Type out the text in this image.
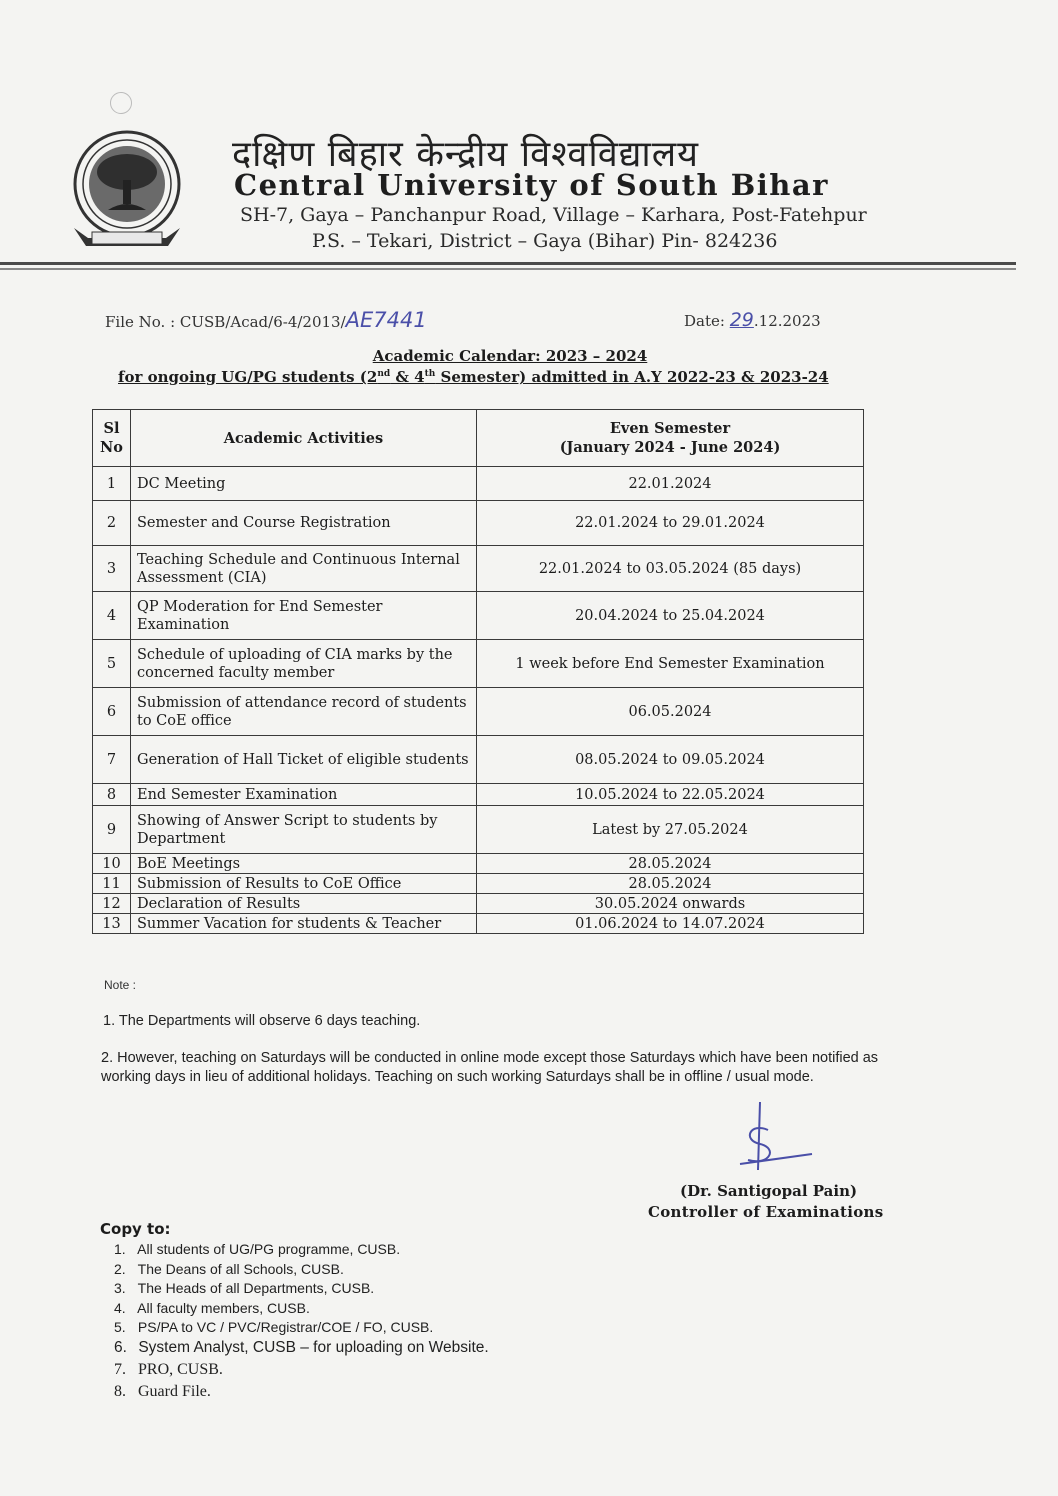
दक्षिण बिहार केन्द्रीय विश्वविद्यालय
Central University of South Bihar
SH-7, Gaya – Panchanpur Road, Village – Karhara, Post-Fatehpur
P.S. – Tekari, District – Gaya (Bihar) Pin- 824236
File No. : CUSB/Acad/6-4/2013/AE7441	Date: 29.12.2023
Academic Calendar: 2023 – 2024
for ongoing UG/PG students (2nd & 4th Semester) admitted in A.Y 2022-23 & 2023-24
Sl
No	Academic Activities	Even Semester
(January 2024 - June 2024)
1	DC Meeting	22.01.2024
2	Semester and Course Registration	22.01.2024 to 29.01.2024
3	Teaching Schedule and Continuous Internal Assessment (CIA)	22.01.2024 to 03.05.2024 (85 days)
4	QP Moderation for End Semester Examination	20.04.2024 to 25.04.2024
5	Schedule of uploading of CIA marks by the concerned faculty member	1 week before End Semester Examination
6	Submission of attendance record of students to CoE office	06.05.2024
7	Generation of Hall Ticket of eligible students	08.05.2024 to 09.05.2024
8	End Semester Examination	10.05.2024 to 22.05.2024
9	Showing of Answer Script to students by Department	Latest by 27.05.2024
10	BoE Meetings	28.05.2024
11	Submission of Results to CoE Office	28.05.2024
12	Declaration of Results	30.05.2024 onwards
13	Summer Vacation for students & Teacher	01.06.2024 to 14.07.2024
Note :
1. The Departments will observe 6 days teaching.
2. However, teaching on Saturdays will be conducted in online mode except those Saturdays which have been notified as working days in lieu of additional holidays. Teaching on such working Saturdays shall be in offline / usual mode.
(Dr. Santigopal Pain)
Controller of Examinations
Copy to:
1. All students of UG/PG programme, CUSB.
2. The Deans of all Schools, CUSB.
3. The Heads of all Departments, CUSB.
4. All faculty members, CUSB.
5. PS/PA to VC / PVC/Registrar/COE / FO, CUSB.
6. System Analyst, CUSB – for uploading on Website.
7. PRO, CUSB.
8. Guard File.
